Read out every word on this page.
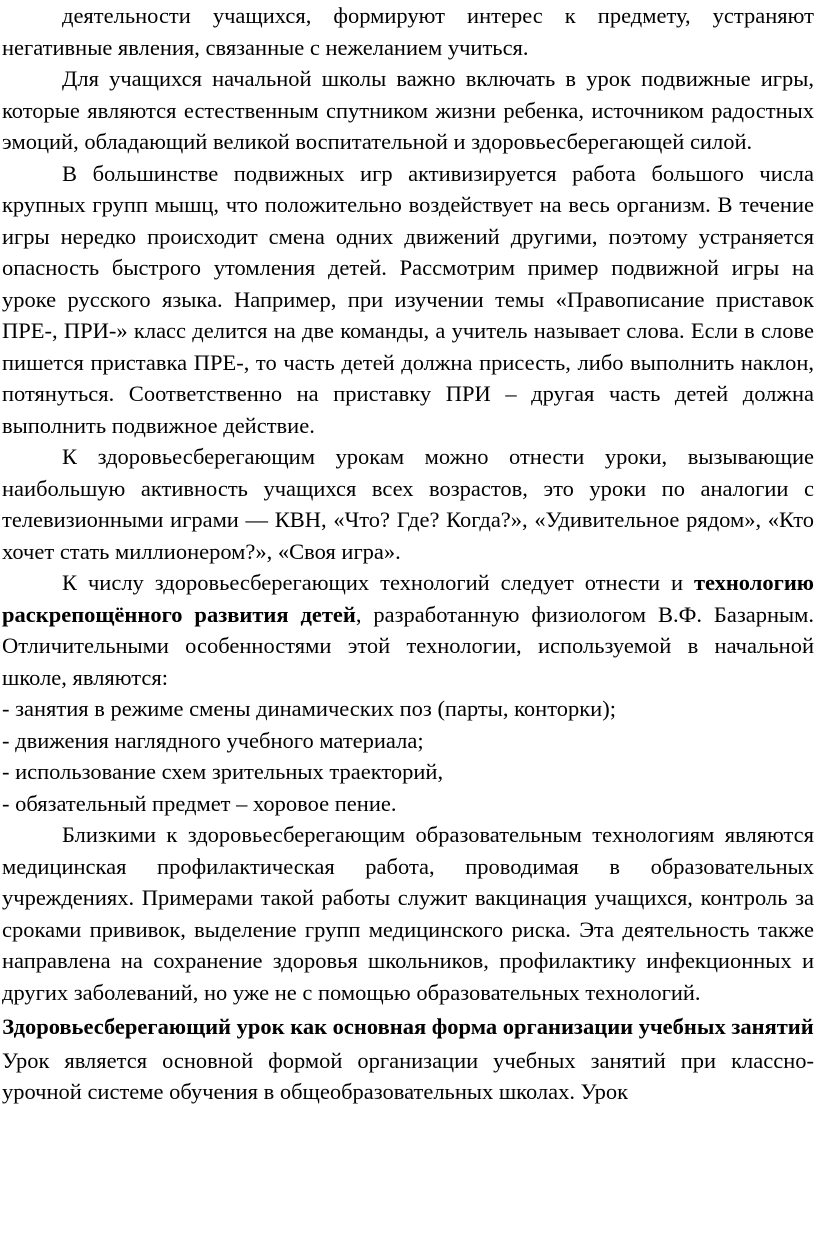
деятельности учащихся, формируют интерес к предмету, устраняют негативные явления, связанные с нежеланием учиться.

Для учащихся начальной школы важно включать в урок подвижные игры, которые являются естественным спутником жизни ребенка, источником радостных эмоций, обладающий великой воспитательной и здоровьесберегающей силой.

В большинстве подвижных игр активизируется работа большого числа крупных групп мышц, что положительно воздействует на весь организм. В течение игры нередко происходит смена одних движений другими, поэтому устраняется опасность быстрого утомления детей. Рассмотрим пример подвижной игры на уроке русского языка. Например, при изучении темы «Правописание приставок ПРЕ-, ПРИ-» класс делится на две команды, а учитель называет слова. Если в слове пишется приставка ПРЕ-, то часть детей должна присесть, либо выполнить наклон, потянуться. Соответственно на приставку ПРИ – другая часть детей должна выполнить подвижное действие.

К здоровьесберегающим урокам можно отнести уроки, вызывающие наибольшую активность учащихся всех возрастов, это уроки по аналогии с телевизионными играми — КВН, «Что? Где? Когда?», «Удивительное рядом», «Кто хочет стать миллионером?», «Своя игра».

К числу здоровьесберегающих технологий следует отнести и технологию раскрепощённого развития детей, разработанную физиологом В.Ф. Базарным. Отличительными особенностями этой технологии, используемой в начальной школе, являются:

- занятия в режиме смены динамических поз (парты, конторки);

- движения наглядного учебного материала;

- использование схем зрительных траекторий,

- обязательный предмет – хоровое пение.

Близкими к здоровьесберегающим образовательным технологиям являются медицинская профилактическая работа, проводимая в образовательных учреждениях. Примерами такой работы служит вакцинация учащихся, контроль за сроками прививок, выделение групп медицинского риска. Эта деятельность также направлена на сохранение здоровья школьников, профилактику инфекционных и других заболеваний, но уже не с помощью образовательных технологий.

Здоровьесберегающий урок как основная форма организации учебных занятий

Урок является основной формой организации учебных занятий при классно-урочной системе обучения в общеобразовательных школах. Урок
